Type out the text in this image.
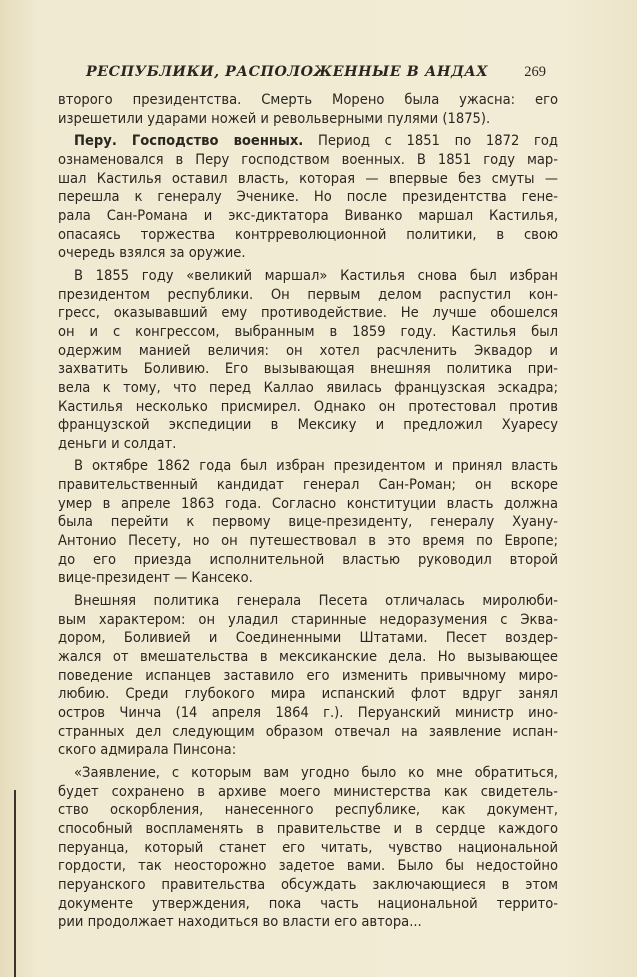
РЕСПУБЛИКИ, РАСПОЛОЖЕННЫЕ В АНДАХ 269
второго президентства. Смерть Морено была ужасна: его
изрешетили ударами ножей и револьверными пулями (1875).
Перу. Господство военных. Период с 1851 по 1872 год
ознаменовался в Перу господством военных. В 1851 году мар-
шал Кастилья оставил власть, которая — впервые без смуты —
перешла к генералу Эченике. Но после президентства гене-
рала Сан-Романа и экс-диктатора Виванко маршал Кастилья,
опасаясь торжества контрреволюционной политики, в свою
очередь взялся за оружие.
В 1855 году «великий маршал» Кастилья снова был избран
президентом республики. Он первым делом распустил кон-
гресс, оказывавший ему противодействие. Не лучше обошелся
он и с конгрессом, выбранным в 1859 году. Кастилья был
одержим манией величия: он хотел расчленить Эквадор и
захватить Боливию. Его вызывающая внешняя политика при-
вела к тому, что перед Каллао явилась французская эскадра;
Кастилья несколько присмирел. Однако он протестовал против
французской экспедиции в Мексику и предложил Хуаресу
деньги и солдат.
В октябре 1862 года был избран президентом и принял власть
правительственный кандидат генерал Сан-Роман; он вскоре
умер в апреле 1863 года. Согласно конституции власть должна
была перейти к первому вице-президенту, генералу Хуану-
Антонио Песету, но он путешествовал в это время по Европе;
до его приезда исполнительной властью руководил второй
вице-президент — Кансеко.
Внешняя политика генерала Песета отличалась миролюби-
вым характером: он уладил старинные недоразумения с Эква-
дором, Боливией и Соединенными Штатами. Песет воздер-
жался от вмешательства в мексиканские дела. Но вызывающее
поведение испанцев заставило его изменить привычному миро-
любию. Среди глубокого мира испанский флот вдруг занял
остров Чинча (14 апреля 1864 г.). Перуанский министр ино-
странных дел следующим образом отвечал на заявление испан-
ского адмирала Пинсона:
«Заявление, с которым вам угодно было ко мне обратиться,
будет сохранено в архиве моего министерства как свидетель-
ство оскорбления, нанесенного республике, как документ,
способный воспламенять в правительстве и в сердце каждого
перуанца, который станет его читать, чувство национальной
гордости, так неосторожно задетое вами. Было бы недостойно
перуанского правительства обсуждать заключающиеся в этом
документе утверждения, пока часть национальной террито-
рии продолжает находиться во власти его автора...
